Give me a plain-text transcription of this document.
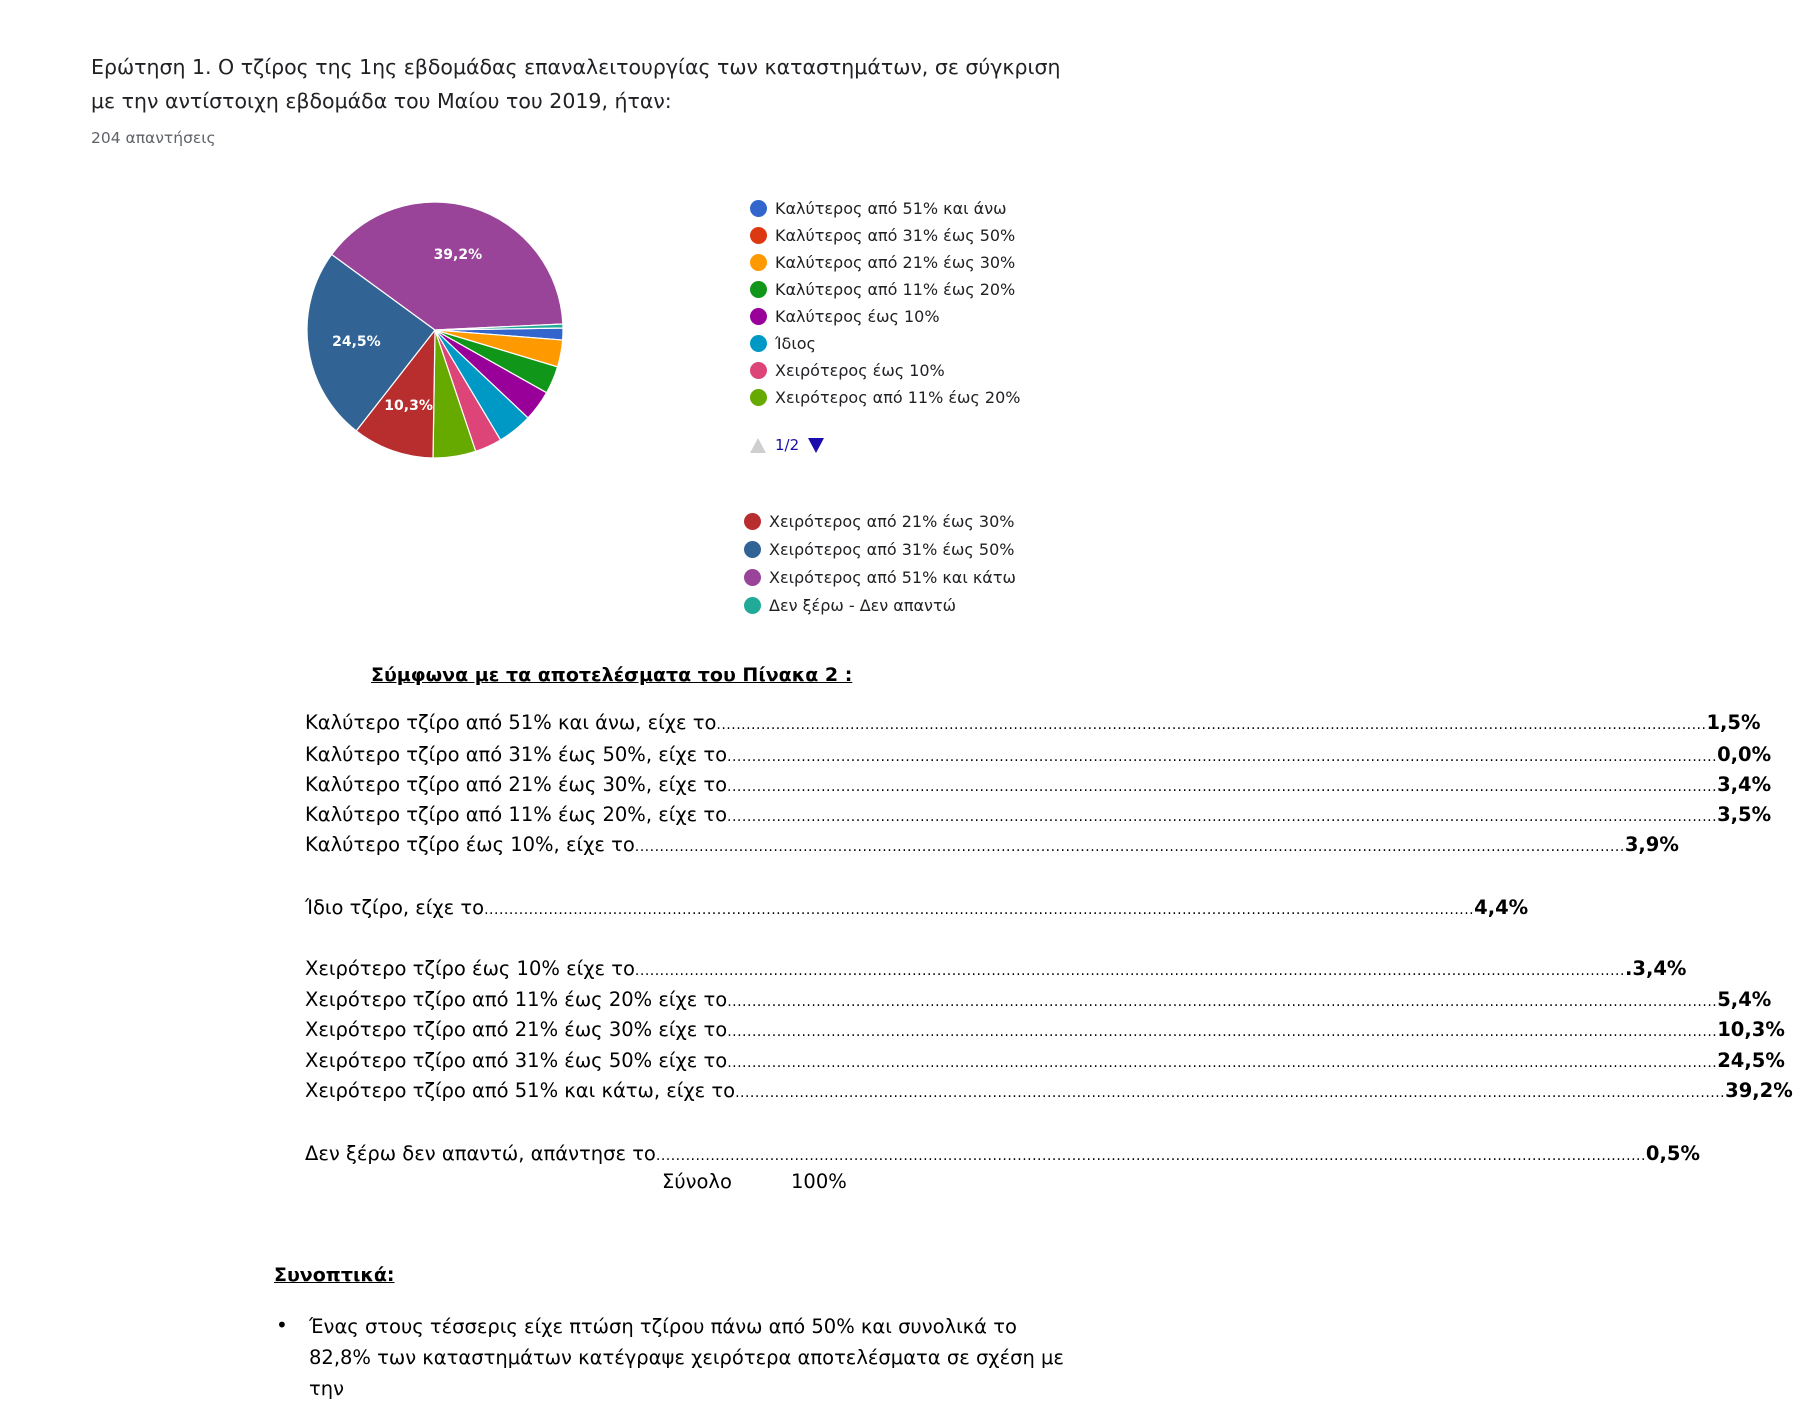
Ερώτηση 1. Ο τζίρος της 1ης εβδομάδας επαναλειτουργίας των καταστημάτων, σε σύγκριση με την αντίστοιχη εβδομάδα του Μαίου του 2019, ήταν:
204 απαντήσεις
10,3%
24,5%
39,2%
Καλύτερος από 51% και άνω
Καλύτερος από 31% έως 50%
Καλύτερος από 21% έως 30%
Καλύτερος από 11% έως 20%
Καλύτερος έως 10%
Ίδιος
Χειρότερος έως 10%
Χειρότερος από 11% έως 20%
1/2
Χειρότερος από 21% έως 30%
Χειρότερος από 31% έως 50%
Χειρότερος από 51% και κάτω
Δεν ξέρω - Δεν απαντώ
Σύμφωνα με τα αποτελέσματα του Πίνακα 2 :
Καλύτερο τζίρο από 51% και άνω, είχε το ........................................................................................................................................................................................................ 1,5%
Καλύτερο τζίρο από 31% έως 50%, είχε το ........................................................................................................................................................................................................ 0,0%
Καλύτερο τζίρο από 21% έως 30%, είχε το ........................................................................................................................................................................................................ 3,4%
Καλύτερο τζίρο από 11% έως 20%, είχε το ........................................................................................................................................................................................................ 3,5%
Καλύτερο τζίρο έως 10%, είχε το ........................................................................................................................................................................................................ 3,9%
Ίδιο τζίρο, είχε το ........................................................................................................................................................................................................ 4,4%
Χειρότερο τζίρο έως 10% είχε το ........................................................................................................................................................................................................ .3,4%
Χειρότερο τζίρο από 11% έως 20% είχε το ........................................................................................................................................................................................................ 5,4%
Χειρότερο τζίρο από 21% έως 30% είχε το ........................................................................................................................................................................................................ 10,3%
Χειρότερο τζίρο από 31% έως 50% είχε το ........................................................................................................................................................................................................ 24,5%
Χειρότερο τζίρο από 51% και κάτω, είχε το ........................................................................................................................................................................................................ 39,2%
Δεν ξέρω δεν απαντώ, απάντησε το ........................................................................................................................................................................................................ 0,5%
Σύνολο	100%
Συνοπτικά:
• Ένας στους τέσσερις είχε πτώση τζίρου πάνω από 50% και συνολικά το 82,8% των καταστημάτων κατέγραψε χειρότερα αποτελέσματα σε σχέση με την
